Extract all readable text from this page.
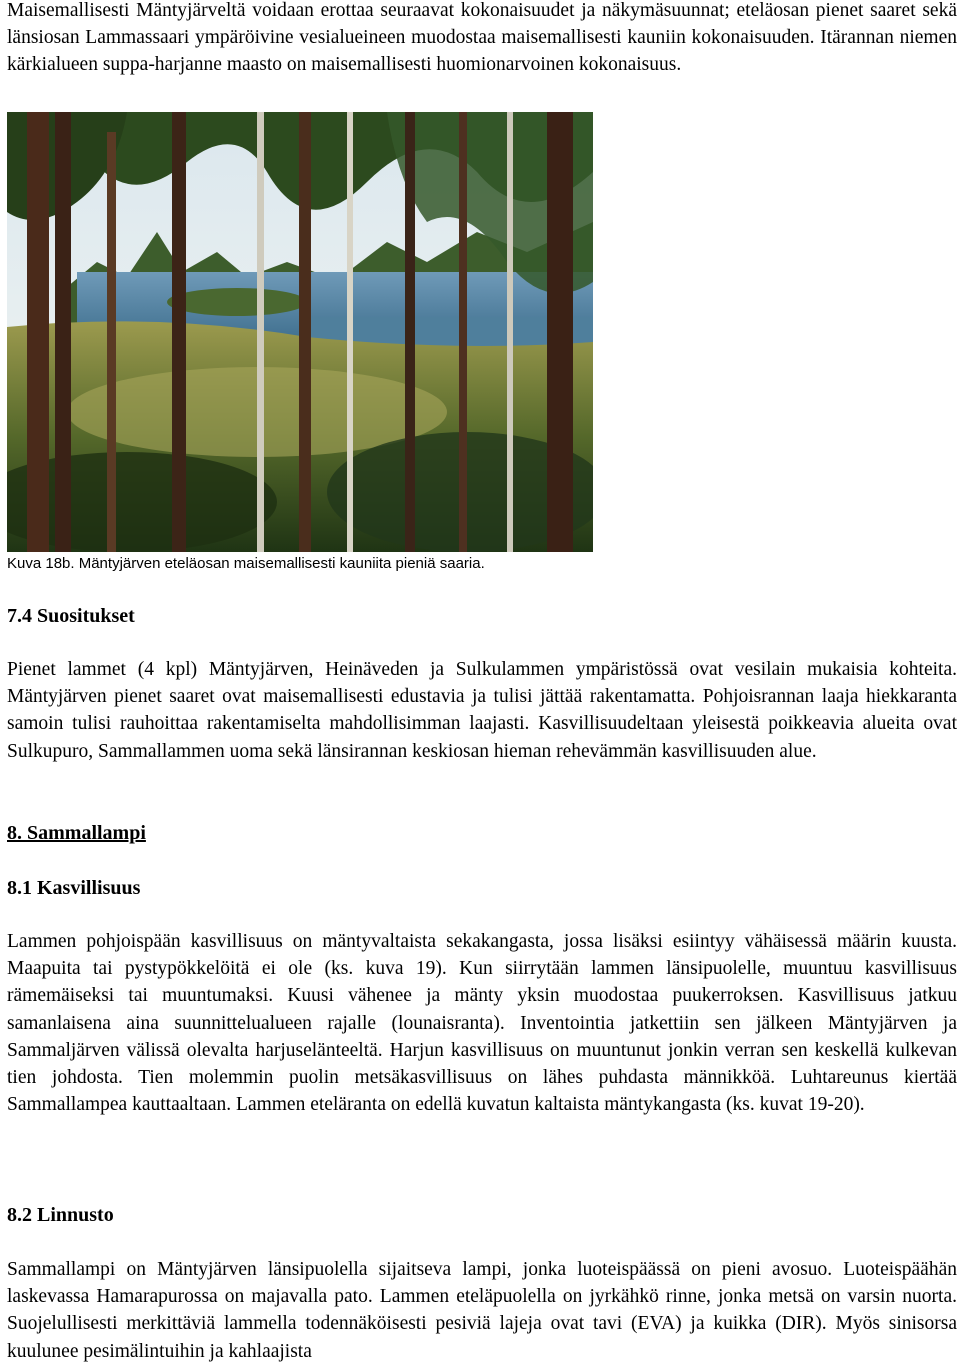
Maisemallisesti Mäntyjärveltä voidaan erottaa seuraavat kokonaisuudet ja näkymäsuunnat; eteläosan pienet saaret sekä länsiosan Lammassaari ympäröivine vesialueineen muodostaa maisemallisesti kauniin kokonaisuuden. Itärannan niemen kärkialueen suppa-harjanne maasto on maisemallisesti huomionarvoinen kokonaisuus.

Kuva 18b. Mäntyjärven eteläosan maisemallisesti kauniita pieniä saaria.

7.4 Suositukset

Pienet lammet (4 kpl) Mäntyjärven, Heinäveden ja Sulkulammen ympäristössä ovat vesilain mukaisia kohteita. Mäntyjärven pienet saaret ovat maisemallisesti edustavia ja tulisi jättää rakentamatta. Pohjoisrannan laaja hiekkaranta samoin tulisi rauhoittaa rakentamiselta mahdollisimman laajasti. Kasvillisuudeltaan yleisestä poikkeavia alueita ovat Sulkupuro, Sammallammen uoma sekä länsirannan keskiosan hieman rehevämmän kasvillisuuden alue.

8. Sammallampi
8.1 Kasvillisuus

Lammen pohjoispään kasvillisuus on mäntyvaltaista sekakangasta, jossa lisäksi esiintyy vähäisessä määrin kuusta. Maapuita tai pystypökkelöitä ei ole (ks. kuva 19). Kun siirrytään lammen länsipuolelle, muuntuu kasvillisuus rämemäiseksi tai muuntumaksi. Kuusi vähenee ja mänty yksin muodostaa puukerroksen. Kasvillisuus jatkuu samanlaisena aina suunnittelualueen rajalle (lounaisranta). Inventointia jatkettiin sen jälkeen Mäntyjärven ja Sammaljärven välissä olevalta harjuselänteeltä. Harjun kasvillisuus on muuntunut jonkin verran sen keskellä kulkevan tien johdosta. Tien molemmin puolin metsäkasvillisuus on lähes puhdasta männikköä. Luhtareunus kiertää Sammallampea kauttaaltaan. Lammen eteläranta on edellä kuvatun kaltaista mäntykangasta (ks. kuvat 19-20).

8.2 Linnusto

Sammallampi on Mäntyjärven länsipuolella sijaitseva lampi, jonka luoteispäässä on pieni avosuo. Luoteispäähän laskevassa Hamarapurossa on majavalla pato. Lammen eteläpuolella on jyrkähkö rinne, jonka metsä on varsin nuorta. Suojelullisesti merkittäviä lammella todennäköisesti pesiviä lajeja ovat tavi (EVA) ja kuikka (DIR). Myös sinisorsa kuulunee pesimälintuihin ja kahlaajista
